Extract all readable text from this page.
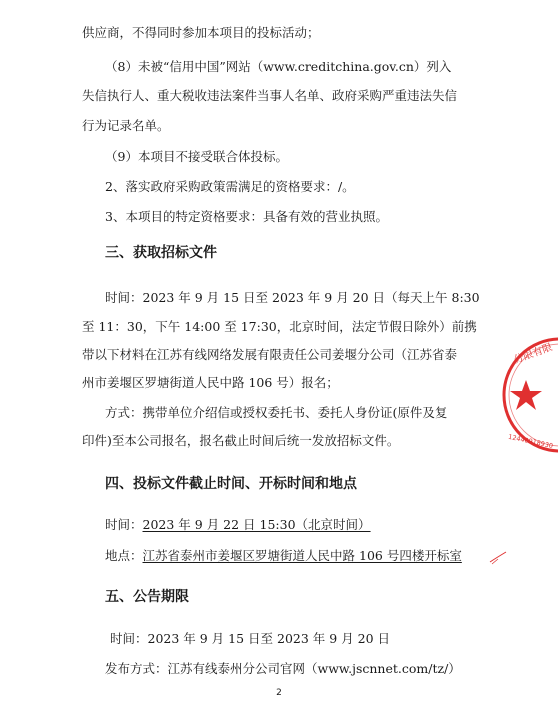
供应商，不得同时参加本项目的投标活动；
（8）未被“信用中国”网站（www.creditchina.gov.cn）列入
失信执行人、重大税收违法案件当事人名单、政府采购严重违法失信
行为记录名单。
（9）本项目不接受联合体投标。
2、落实政府采购政策需满足的资格要求：/。
3、本项目的特定资格要求：具备有效的营业执照。
三、获取招标文件
时间：2023 年 9 月 15 日至 2023 年 9 月 20 日（每天上午 8:30
至 11：30，下午 14:00 至 17:30，北京时间，法定节假日除外）前携
带以下材料在江苏有线网络发展有限责任公司姜堰分公司（江苏省泰
州市姜堰区罗塘街道人民中路 106 号）报名；
方式：携带单位介绍信或授权委托书、委托人身份证(原件及复
印件)至本公司报名，报名截止时间后统一发放招标文件。
四、投标文件截止时间、开标时间和地点
时间：2023 年 9 月 22 日 15:30（北京时间）
地点：江苏省泰州市姜堰区罗塘街道人民中路 106 号四楼开标室
五、公告期限
时间：2023 年 9 月 15 日至 2023 年 9 月 20 日
发布方式：江苏有线泰州分公司官网（www.jscnnet.com/tz/）
2
分限有限
12440918930
